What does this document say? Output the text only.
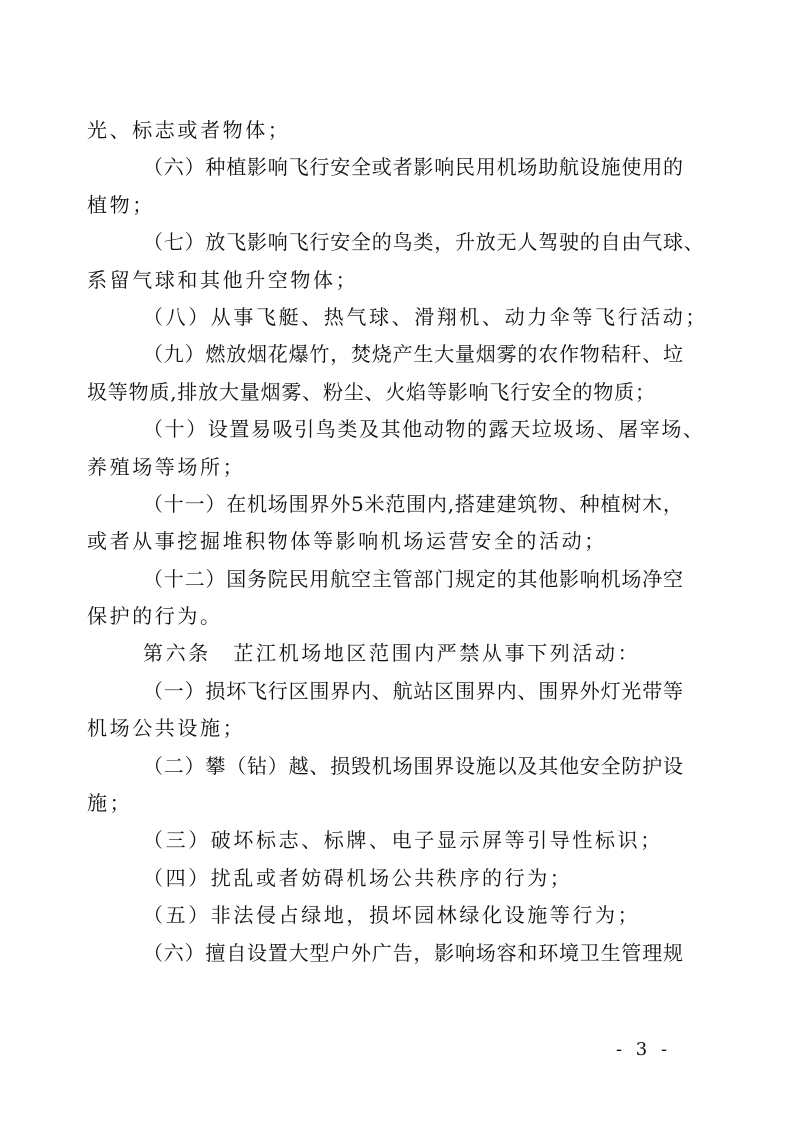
光、标志或者物体；
（六）种植影响飞行安全或者影响民用机场助航设施使用的
植物；
（七）放飞影响飞行安全的鸟类，升放无人驾驶的自由气球、
系留气球和其他升空物体；
（八）从事飞艇、热气球、滑翔机、动力伞等飞行活动；
（九）燃放烟花爆竹，焚烧产生大量烟雾的农作物秸秆、垃
圾等物质,排放大量烟雾、粉尘、火焰等影响飞行安全的物质；
（十）设置易吸引鸟类及其他动物的露天垃圾场、屠宰场、
养殖场等场所；
（十一）在机场围界外5米范围内,搭建建筑物、种植树木，
或者从事挖掘堆积物体等影响机场运营安全的活动；
（十二）国务院民用航空主管部门规定的其他影响机场净空
保护的行为。
第六条　芷江机场地区范围内严禁从事下列活动：
（一）损坏飞行区围界内、航站区围界内、围界外灯光带等
机场公共设施；
（二）攀（钻）越、损毁机场围界设施以及其他安全防护设
施；
（三）破坏标志、标牌、电子显示屏等引导性标识；
（四）扰乱或者妨碍机场公共秩序的行为；
（五）非法侵占绿地，损坏园林绿化设施等行为；
（六）擅自设置大型户外广告，影响场容和环境卫生管理规
- 3 -
